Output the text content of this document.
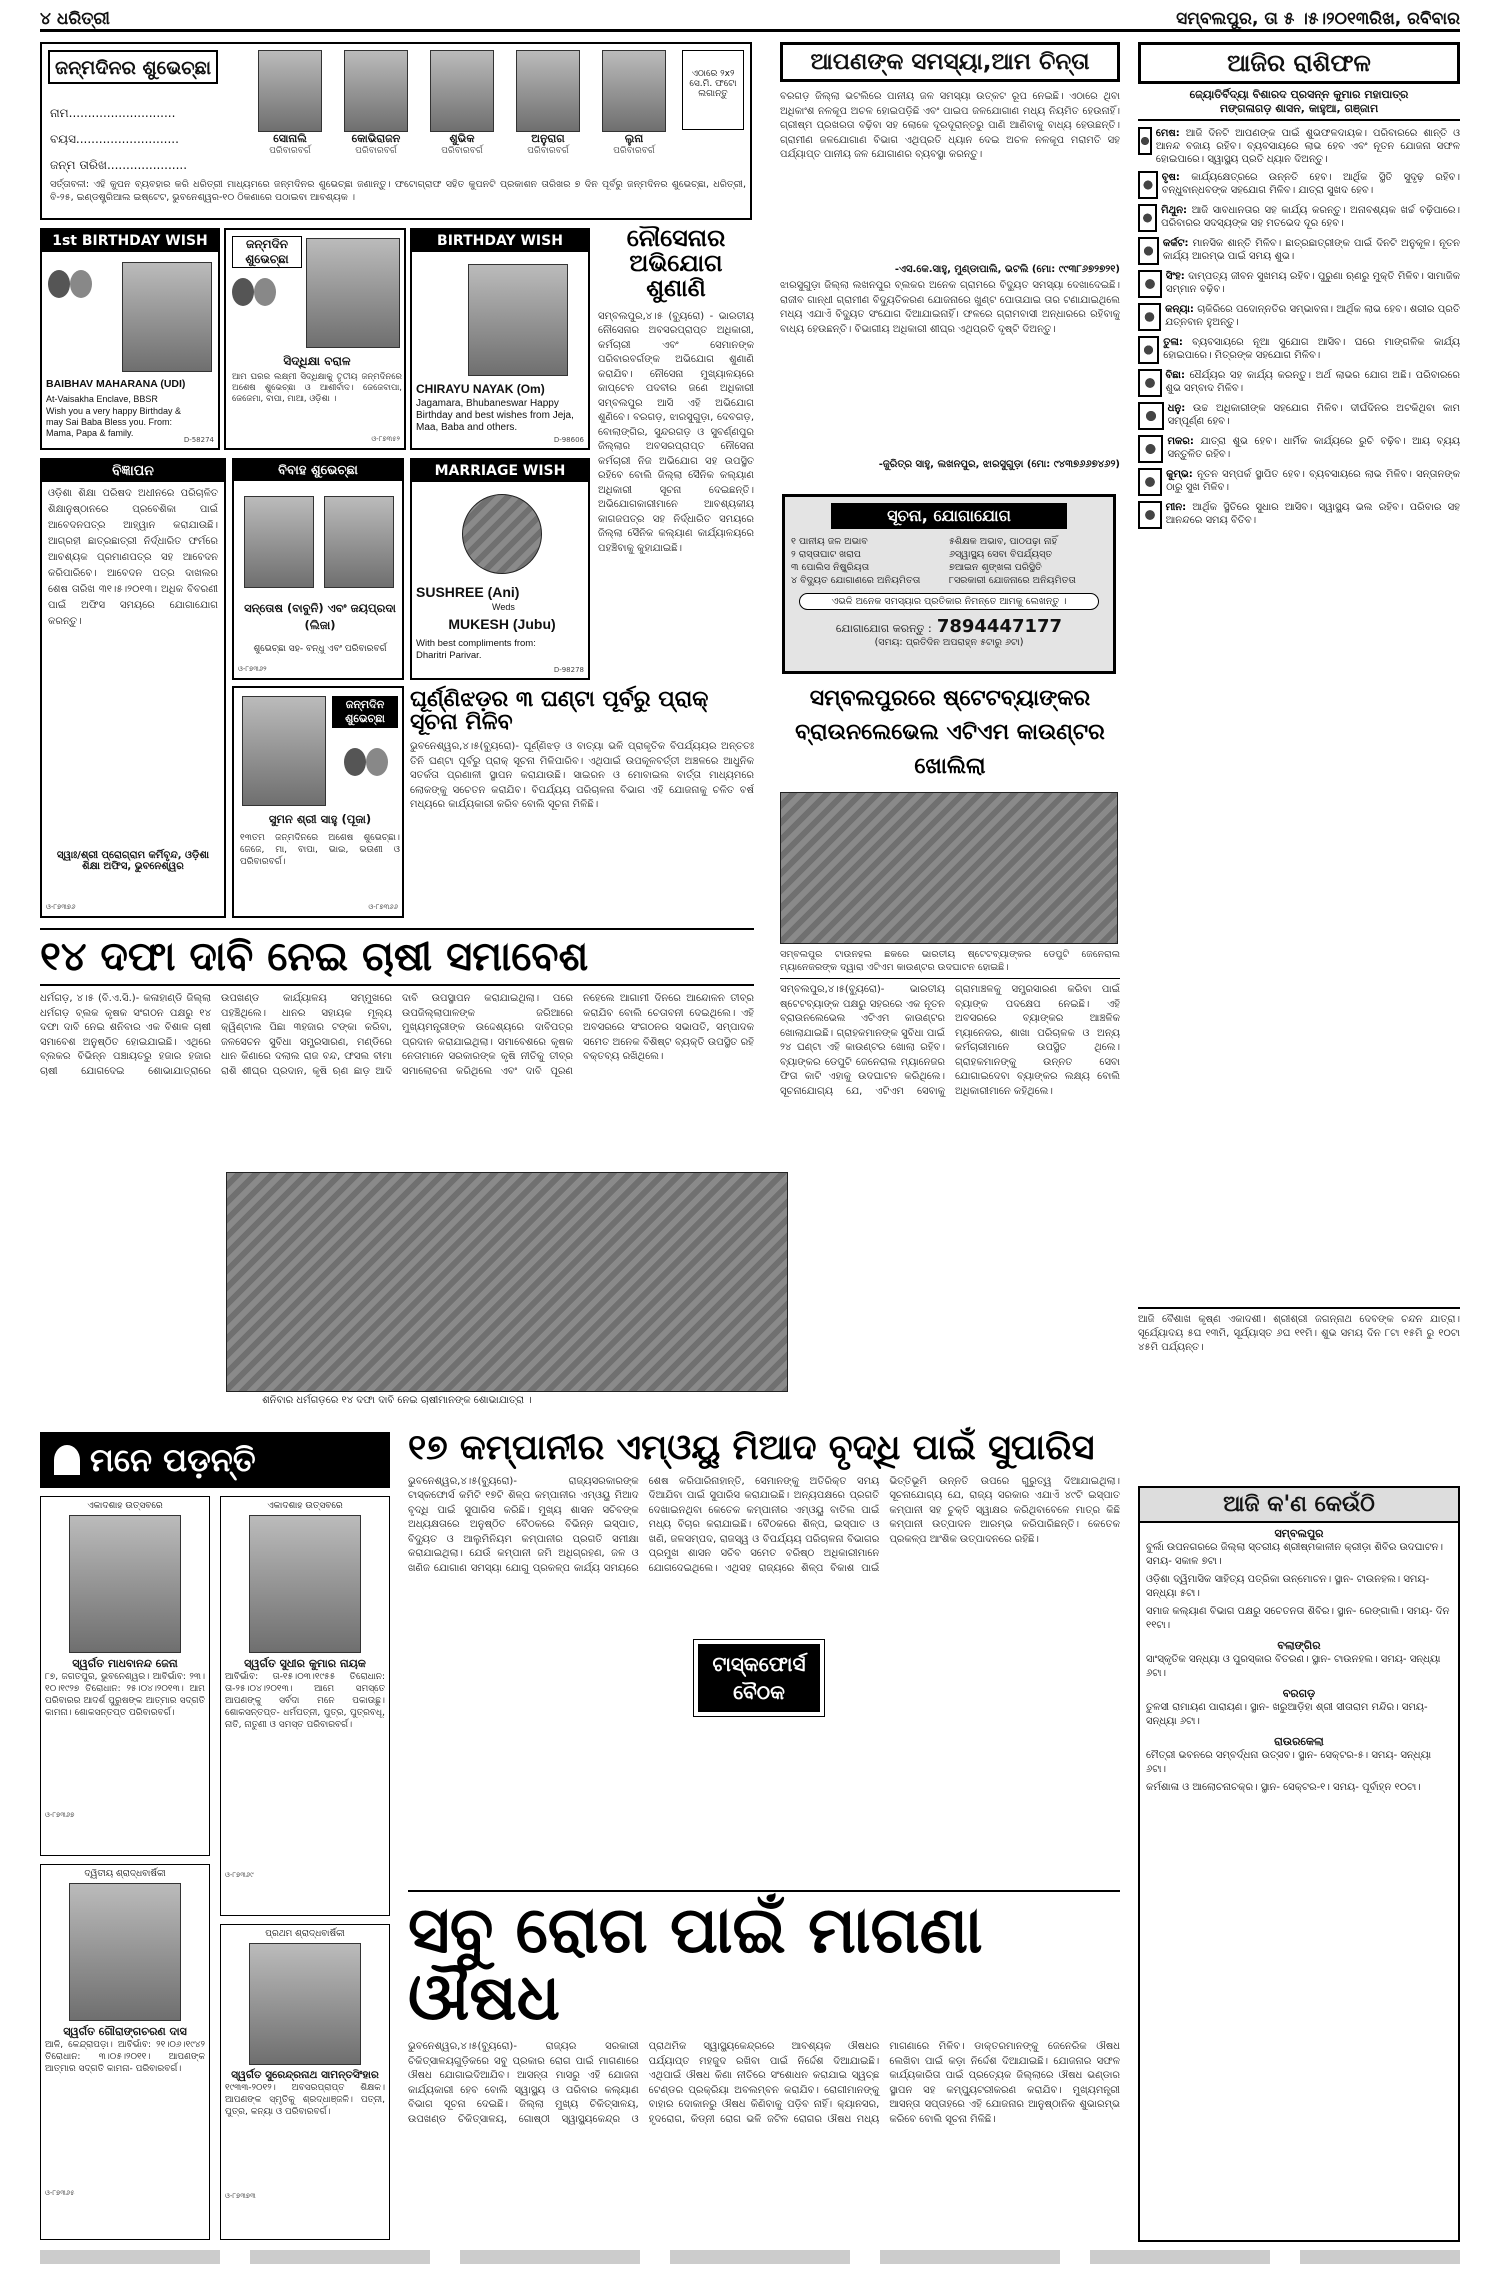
୪ ଧରିତ୍ରୀ	ସମ୍ବଲପୁର, ତା ୫ ।୫।୨୦୧୩ରିଖ, ରବିବାର
ଜନ୍ମଦିନର ଶୁଭେଚ୍ଛା
ନାମ............................
ବୟସ...........................
ଜନ୍ମ ତାରିଖ.....................
ସୋନାଲି
ପରିବାରବର୍ଗ
କୋଭିରାଜନ
ପରିବାରବର୍ଗ
ଶୁଭିକ
ପରିବାରବର୍ଗ
ଅନୁରାଗ
ପରିବାରବର୍ଗ
ଲୁନା
ପରିବାରବର୍ଗ
ଏଠାରେ ୨x୨ ସେ.ମି. ଫଟୋ ଲଗାନ୍ତୁ
ସର୍ତ୍ତାବଳୀ: ଏହି କୁପନ ବ୍ୟବହାର କରି ଧରିତ୍ରୀ ମାଧ୍ୟମରେ ଜନ୍ମଦିନର ଶୁଭେଚ୍ଛା ଜଣାନ୍ତୁ। ଫଟୋଗ୍ରାଫ ସହିତ କୁପନଟି ପ୍ରକାଶନ ତାରିଖର ୭ ଦିନ ପୂର୍ବରୁ ଜନ୍ମଦିନର ଶୁଭେଚ୍ଛା, ଧରିତ୍ରୀ, ବି-୨୫, ଇଣ୍ଡଷ୍ଟ୍ରିଆଲ ଇଷ୍ଟେଟ, ଭୁବନେଶ୍ୱର-୧୦ ଠିକଣାରେ ପଠାଇବା ଆବଶ୍ୟକ ।
1st BIRTHDAY WISH
BAIBHAV MAHARANA (UDI)
At-Vaisakha Enclave, BBSR
Wish you a very happy Birthday & may Sai Baba Bless you. From: Mama, Papa & family.
D-58274
ଜନ୍ମଦିନ ଶୁଭେଚ୍ଛା
ସିଦ୍ଧିକ୍ଷା ବରାଳ
ଆମ ଘରର ଲକ୍ଷ୍ମୀ ସିଦ୍ଧିକ୍ଷାକୁ ତୃତୀୟ ଜନ୍ମଦିନରେ ଅଶେଷ ଶୁଭେଚ୍ଛା ଓ ଆଶୀର୍ବାଦ। ଜେଜେବାପା, ଜେଜେମା, ବାପା, ମାଆ, ଓଡ଼ିଶା ।
ଓ-୮୭୩୫୨
BIRTHDAY WISH
CHIRAYU NAYAK (Om)
Jagamara, Bhubaneswar Happy Birthday and best wishes from Jeja, Maa, Baba and others.
D-98606
ନୌସେନାର ଅଭିଯୋଗ ଶୁଣାଣି
ସମ୍ବଲପୁର,୪।୫ (ବ୍ୟୁରୋ) - ଭାରତୀୟ ନୌସେନାର ଅବସରପ୍ରାପ୍ତ ଅଧିକାରୀ, କର୍ମଚାରୀ ଏବଂ ସେମାନଙ୍କ ପରିବାରବର୍ଗଙ୍କ ଅଭିଯୋଗ ଶୁଣାଣି କରାଯିବ। ନୌସେନା ମୁଖ୍ୟାଳୟରେ କାପ୍ଟେନ ପଦବୀର ଜଣେ ଅଧିକାରୀ ସମ୍ବଲପୁର ଆସି ଏହି ଅଭିଯୋଗ ଶୁଣିବେ। ବରଗଡ଼, ଝାରସୁଗୁଡ଼ା, ଦେବଗଡ଼, ବୋଲାଙ୍ଗିର, ସୁନ୍ଦରଗଡ଼ ଓ ସୁବର୍ଣ୍ଣପୁର ଜିଲ୍ଲାର ଅବସରପ୍ରାପ୍ତ ନୌସେନା କର୍ମଚାରୀ ନିଜ ଅଭିଯୋଗ ସହ ଉପସ୍ଥିତ ରହିବେ ବୋଲି ଜିଲ୍ଲା ସୈନିକ କଲ୍ୟାଣ ଅଧିକାରୀ ସୂଚନା ଦେଇଛନ୍ତି। ଅଭିଯୋଗକାରୀମାନେ ଆବଶ୍ୟକୀୟ କାଗଜପତ୍ର ସହ ନିର୍ଦ୍ଧାରିତ ସମୟରେ ଜିଲ୍ଲା ସୈନିକ କଲ୍ୟାଣ କାର୍ଯ୍ୟାଳୟରେ ପହଞ୍ଚିବାକୁ କୁହାଯାଇଛି।
ବିଜ୍ଞାପନ
ଓଡ଼ିଶା ଶିକ୍ଷା ପରିଷଦ ଅଧୀନରେ ପରିଚାଳିତ ଶିକ୍ଷାନୁଷ୍ଠାନରେ ପ୍ରବେଶିକା ପାଇଁ ଆବେଦନପତ୍ର ଆହ୍ୱାନ କରାଯାଉଛି। ଆଗ୍ରହୀ ଛାତ୍ରଛାତ୍ରୀ ନିର୍ଦ୍ଧାରିତ ଫର୍ମରେ ଆବଶ୍ୟକ ପ୍ରମାଣପତ୍ର ସହ ଆବେଦନ କରିପାରିବେ। ଆବେଦନ ପତ୍ର ଦାଖଲର ଶେଷ ତାରିଖ ୩୧।୫।୨୦୧୩। ଅଧିକ ବିବରଣୀ ପାଇଁ ଅଫିସ ସମୟରେ ଯୋଗାଯୋଗ କରନ୍ତୁ।
ସ୍ୱାଃ/ଶ୍ରୀ ପ୍ରୋଗ୍ରାମ କର୍ମିବୃନ୍ଦ, ଓଡ଼ିଶା ଶିକ୍ଷା ଅଫିସ, ଭୁବନେଶ୍ୱର
ଓ-୮୭୩୭୬
ବିବାହ ଶୁଭେଚ୍ଛା
ସନ୍ତୋଷ (ବାବୁନି) ଏବଂ ଜୟପ୍ରଦା (ଲିଜା)
ଶୁଭେଚ୍ଛା ସହ- ବନ୍ଧୁ ଏବଂ ପରିବାରବର୍ଗ
ଓ-୮୭୩୬୨
MARRIAGE WISH
SUSHREE (Ani)
Weds
MUKESH (Jubu)
With best compliments from: Dharitri Parivar.
D-98278
ଜନ୍ମଦିନ ଶୁଭେଚ୍ଛା
ସୁମନ ଶ୍ରୀ ସାହୁ (ପୂଜା)
୧୩ତମ ଜନ୍ମଦିନରେ ଅଶେଷ ଶୁଭେଚ୍ଛା। ଜେଜେ, ମା, ବାପା, ଭାଇ, ଭଉଣୀ ଓ ପରିବାରବର୍ଗ।
ଓ-୮୭୩୬୬
ଘୂର୍ଣ୍ଣିଝଡ଼ର ୩ ଘଣ୍ଟା ପୂର୍ବରୁ ପ୍ରାକ୍ ସୂଚନା ମିଳିବ
ଭୁବନେଶ୍ୱର,୪।୫(ବ୍ୟୁରୋ)- ଘୂର୍ଣ୍ଣିଝଡ଼ ଓ ବାତ୍ୟା ଭଳି ପ୍ରାକୃତିକ ବିପର୍ଯ୍ୟୟର ଅନ୍ତତଃ ତିନି ଘଣ୍ଟା ପୂର୍ବରୁ ପ୍ରାକ୍ ସୂଚନା ମିଳିପାରିବ। ଏଥିପାଇଁ ଉପକୂଳବର୍ତ୍ତୀ ଅଞ୍ଚଳରେ ଆଧୁନିକ ସତର୍କତା ପ୍ରଣାଳୀ ସ୍ଥାପନ କରାଯାଉଛି। ସାଇରନ ଓ ମୋବାଇଲ ବାର୍ତ୍ତା ମାଧ୍ୟମରେ ଲୋକଙ୍କୁ ସଚେତନ କରାଯିବ। ବିପର୍ଯ୍ୟୟ ପରିଚାଳନା ବିଭାଗ ଏହି ଯୋଜନାକୁ ଚଳିତ ବର୍ଷ ମଧ୍ୟରେ କାର୍ଯ୍ୟକାରୀ କରିବ ବୋଲି ସୂଚନା ମିଳିଛି।
ଆପଣଙ୍କ ସମସ୍ୟା,ଆମ ଚିନ୍ତା
ବରଗଡ଼ ଜିଲ୍ଲା ଭଟଲିରେ ପାନୀୟ ଜଳ ସମସ୍ୟା ଉତ୍କଟ ରୂପ ନେଇଛି। ଏଠାରେ ଥିବା ଅଧିକାଂଶ ନଳକୂପ ଅଚଳ ହୋଇପଡ଼ିଛି ଏବଂ ପାଇପ ଜଳଯୋଗାଣ ମଧ୍ୟ ନିୟମିତ ହେଉନାହିଁ। ଗ୍ରୀଷ୍ମ ପ୍ରଖରତା ବଢ଼ିବା ସହ ଲୋକେ ଦୂରଦୂରାନ୍ତରୁ ପାଣି ଆଣିବାକୁ ବାଧ୍ୟ ହେଉଛନ୍ତି। ଗ୍ରାମୀଣ ଜଳଯୋଗାଣ ବିଭାଗ ଏଥିପ୍ରତି ଧ୍ୟାନ ଦେଇ ଅଚଳ ନଳକୂପ ମରାମତି ସହ ପର୍ଯ୍ୟାପ୍ତ ପାନୀୟ ଜଳ ଯୋଗାଣର ବ୍ୟବସ୍ଥା କରନ୍ତୁ।
-ଏସ.କେ.ସାହୁ, ମୁଣ୍ଡାପାଲି, ଭଟଲି (ମୋ: ୯୯୩୮୬୭୨୭୨୧)
ଝାରସୁଗୁଡ଼ା ଜିଲ୍ଲା ଲଖନପୁର ବ୍ଲକର ଅନେକ ଗ୍ରାମରେ ବିଦ୍ୟୁତ ସମସ୍ୟା ଦେଖାଦେଇଛି। ରାଜୀବ ଗାନ୍ଧୀ ଗ୍ରାମୀଣ ବିଦ୍ୟୁତିକରଣ ଯୋଜନାରେ ଖୁଣ୍ଟ ପୋତାଯାଇ ତାର ଟଣାଯାଇଥିଲେ ମଧ୍ୟ ଏଯାଏଁ ବିଦ୍ୟୁତ ସଂଯୋଗ ଦିଆଯାଇନାହିଁ। ଫଳରେ ଗ୍ରାମବାସୀ ଅନ୍ଧାରରେ ରହିବାକୁ ବାଧ୍ୟ ହେଉଛନ୍ତି। ବିଭାଗୀୟ ଅଧିକାରୀ ଶୀଘ୍ର ଏଥିପ୍ରତି ଦୃଷ୍ଟି ଦିଅନ୍ତୁ।
-ଜୁରିତ୍ର ସାହୁ, ଲଖନପୁର, ଝାରସୁଗୁଡ଼ା (ମୋ: ୯୪୩୭୬୬୭୪୬୨)
ସୂଚନା, ଯୋଗାଯୋଗ
୧ ପାନୀୟ ଜଳ ଅଭାବ	୫ଶିକ୍ଷକ ଅଭାବ, ପାଠପଢ଼ା ନାହିଁ
୨ ରାସ୍ତାଘାଟ ଖରାପ	୬ସ୍ୱାସ୍ଥ୍ୟ ସେବା ବିପର୍ଯ୍ୟସ୍ତ
୩ ପୋଲିସ ନିଷ୍କ୍ରିୟତା	୭ଆଇନ ଶୃଙ୍ଖଳା ପରିସ୍ଥିତି
୪ ବିଦ୍ୟୁତ ଯୋଗାଣରେ ଅନିୟମିତତା	୮ସରକାରୀ ଯୋଜନାରେ ଅନିୟମିତତା
ଏଭଳି ଅନେକ ସମସ୍ୟାର ପ୍ରତିକାର ନିମନ୍ତେ ଆମକୁ ଲେଖନ୍ତୁ ।
ଯୋଗାଯୋଗ କରନ୍ତୁ : 7894447177
(ସମୟ: ପ୍ରତିଦିନ ଅପରାହ୍ନ ୫ଟାରୁ ୬ଟା)
ସମ୍ବଲପୁରରେ ଷ୍ଟେଟବ୍ୟାଙ୍କର ବ୍ରାଉନଲେଭେଲ ଏଟିଏମ କାଉଣ୍ଟର ଖୋଲିଲା
ସମ୍ବଲପୁର ଟାଉନହଲ ଛକରେ ଭାରତୀୟ ଷ୍ଟେଟବ୍ୟାଙ୍କର ଡେପୁଟି ଜେନେରାଲ ମ୍ୟାନେଜରଙ୍କ ଦ୍ୱାରା ଏଟିଏମ କାଉଣ୍ଟର ଉଦଘାଟନ ହୋଇଛି।
ସମ୍ବଲପୁର,୪।୫(ବ୍ୟୁରୋ)- ଭାରତୀୟ ଷ୍ଟେଟବ୍ୟାଙ୍କ ପକ୍ଷରୁ ସହରରେ ଏକ ନୂତନ ବ୍ରାଉନଲେଭେଲ ଏଟିଏମ କାଉଣ୍ଟର ଖୋଲାଯାଇଛି। ଗ୍ରାହକମାନଙ୍କ ସୁବିଧା ପାଇଁ ୨୪ ଘଣ୍ଟା ଏହି କାଉଣ୍ଟର ଖୋଲା ରହିବ। ବ୍ୟାଙ୍କର ଡେପୁଟି ଜେନେରାଲ ମ୍ୟାନେଜର ଫିତା କାଟି ଏହାକୁ ଉଦଘାଟନ କରିଥିଲେ। ସୂଚନାଯୋଗ୍ୟ ଯେ, ଏଟିଏମ ସେବାକୁ ଗ୍ରାମାଞ୍ଚଳକୁ ସମ୍ପ୍ରସାରଣ କରିବା ପାଇଁ ବ୍ୟାଙ୍କ ପଦକ୍ଷେପ ନେଇଛି। ଏହି ଅବସରରେ ବ୍ୟାଙ୍କର ଆଞ୍ଚଳିକ ମ୍ୟାନେଜର, ଶାଖା ପରିଚାଳକ ଓ ଅନ୍ୟ କର୍ମଚାରୀମାନେ ଉପସ୍ଥିତ ଥିଲେ। ଗ୍ରାହକମାନଙ୍କୁ ଉନ୍ନତ ସେବା ଯୋଗାଇଦେବା ବ୍ୟାଙ୍କର ଲକ୍ଷ୍ୟ ବୋଲି ଅଧିକାରୀମାନେ କହିଥିଲେ।
ଆଜିର ରାଶିଫଳ
ଜ୍ୟୋତିର୍ବିଦ୍ୟା ବିଶାରଦ ପ୍ରସନ୍ନ କୁମାର ମହାପାତ୍ର
ମଙ୍ଗଳାଗଡ଼ ଶାସନ, କାହୁଆ, ଗଞ୍ଜାମ
ମେଷ: ଆଜି ଦିନଟି ଆପଣଙ୍କ ପାଇଁ ଶୁଭଫଳଦାୟକ। ପରିବାରରେ ଶାନ୍ତି ଓ ଆନନ୍ଦ ବଜାୟ ରହିବ। ବ୍ୟବସାୟରେ ଲାଭ ହେବ ଏବଂ ନୂତନ ଯୋଜନା ସଫଳ ହୋଇପାରେ। ସ୍ୱାସ୍ଥ୍ୟ ପ୍ରତି ଧ୍ୟାନ ଦିଅନ୍ତୁ।
ବୃଷ: କାର୍ଯ୍ୟକ୍ଷେତ୍ରରେ ଉନ୍ନତି ହେବ। ଆର୍ଥିକ ସ୍ଥିତି ସୁଦୃଢ଼ ରହିବ। ବନ୍ଧୁବାନ୍ଧବଙ୍କ ସହଯୋଗ ମିଳିବ। ଯାତ୍ରା ସୁଖଦ ହେବ।
ମିଥୁନ: ଆଜି ସାବଧାନତାର ସହ କାର୍ଯ୍ୟ କରନ୍ତୁ। ଅନାବଶ୍ୟକ ଖର୍ଚ୍ଚ ବଢ଼ିପାରେ। ପରିବାରର ସଦସ୍ୟଙ୍କ ସହ ମତଭେଦ ଦୂର ହେବ।
କର୍କଟ: ମାନସିକ ଶାନ୍ତି ମିଳିବ। ଛାତ୍ରଛାତ୍ରୀଙ୍କ ପାଇଁ ଦିନଟି ଅନୁକୂଳ। ନୂତନ କାର୍ଯ୍ୟ ଆରମ୍ଭ ପାଇଁ ସମୟ ଶୁଭ।
ସିଂହ: ଦାମ୍ପତ୍ୟ ଜୀବନ ସୁଖମୟ ରହିବ। ପୁରୁଣା ଋଣରୁ ମୁକ୍ତି ମିଳିବ। ସାମାଜିକ ସମ୍ମାନ ବଢ଼ିବ।
କନ୍ୟା: ଚାକିରିରେ ପଦୋନ୍ନତିର ସମ୍ଭାବନା। ଆର୍ଥିକ ଲାଭ ହେବ। ଶରୀର ପ୍ରତି ଯତ୍ନବାନ ହୁଅନ୍ତୁ।
ତୁଳା: ବ୍ୟବସାୟରେ ନୂଆ ସୁଯୋଗ ଆସିବ। ଘରେ ମାଙ୍ଗଳିକ କାର୍ଯ୍ୟ ହୋଇପାରେ। ମିତ୍ରଙ୍କ ସହଯୋଗ ମିଳିବ।
ବିଛା: ଧୈର୍ଯ୍ୟର ସହ କାର୍ଯ୍ୟ କରନ୍ତୁ। ଅର୍ଥ ଲାଭର ଯୋଗ ଅଛି। ପରିବାରରେ ଶୁଭ ସମ୍ବାଦ ମିଳିବ।
ଧନୁ: ଉଚ୍ଚ ଅଧିକାରୀଙ୍କ ସହଯୋଗ ମିଳିବ। ଦୀର୍ଘଦିନର ଅଟକିଥିବା କାମ ସମ୍ପୂର୍ଣ୍ଣ ହେବ।
ମକର: ଯାତ୍ରା ଶୁଭ ହେବ। ଧାର୍ମିକ କାର୍ଯ୍ୟରେ ରୁଚି ବଢ଼ିବ। ଆୟ ବ୍ୟୟ ସନ୍ତୁଳିତ ରହିବ।
କୁମ୍ଭ: ନୂତନ ସମ୍ପର୍କ ସ୍ଥାପିତ ହେବ। ବ୍ୟବସାୟରେ ଲାଭ ମିଳିବ। ସନ୍ତାନଙ୍କ ଠାରୁ ସୁଖ ମିଳିବ।
ମୀନ: ଆର୍ଥିକ ସ୍ଥିତିରେ ସୁଧାର ଆସିବ। ସ୍ୱାସ୍ଥ୍ୟ ଭଲ ରହିବ। ପରିବାର ସହ ଆନନ୍ଦରେ ସମୟ ବିତିବ।
ଆଜି ବୈଶାଖ କୃଷ୍ଣ ଏକାଦଶୀ। ଶ୍ରୀଶ୍ରୀ ଜଗନ୍ନାଥ ଦେବଙ୍କ ଚନ୍ଦନ ଯାତ୍ରା। ସୂର୍ଯ୍ୟୋଦୟ ୫ଘ ୧୩ମି, ସୂର୍ଯ୍ୟାସ୍ତ ୬ଘ ୧୧ମି। ଶୁଭ ସମୟ ଦିନ ୮ଟା ୧୫ମି ରୁ ୧୦ଟା ୪୫ମି ପର୍ଯ୍ୟନ୍ତ।
ଆଜି କ'ଣ କେଉଁଠି
ସମ୍ବଲପୁର
ବୁର୍ଲା ଉପନଗରରେ ଜିଲ୍ଲା ସ୍ତରୀୟ ଶ୍ରୀଷ୍ମକାଳୀନ କ୍ରୀଡ଼ା ଶିବିର ଉଦଘାଟନ। ସମୟ- ସକାଳ ୭ଟା।
ଓଡ଼ିଶା ଦ୍ୱିମାସିକ ସାହିତ୍ୟ ପତ୍ରିକା ଉନ୍ମୋଚନ। ସ୍ଥାନ- ଟାଉନହଲ। ସମୟ- ସନ୍ଧ୍ୟା ୫ଟା।
ସମାଜ କଲ୍ୟାଣ ବିଭାଗ ପକ୍ଷରୁ ସଚେତନତା ଶିବିର। ସ୍ଥାନ- ରେଙ୍ଗାଲି। ସମୟ- ଦିନ ୧୧ଟା।
ବଲାଙ୍ଗିର
ସାଂସ୍କୃତିକ ସନ୍ଧ୍ୟା ଓ ପୁରସ୍କାର ବିତରଣ। ସ୍ଥାନ- ଟାଉନହଲ। ସମୟ- ସନ୍ଧ୍ୟା ୬ଟା।
ବରଗଡ଼
ତୁଳସୀ ରାମାୟଣ ପାରାୟଣ। ସ୍ଥାନ- ଖରୁଆଡ଼ିହା ଶ୍ରୀ ସୀତାରାମ ମନ୍ଦିର। ସମୟ- ସନ୍ଧ୍ୟା ୬ଟା।
ରାଉରକେଲା
ମୈତ୍ରୀ ଭବନରେ ସମ୍ବର୍ଦ୍ଧନା ଉତ୍ସବ। ସ୍ଥାନ- ସେକ୍ଟର-୫। ସମୟ- ସନ୍ଧ୍ୟା ୬ଟା।
କର୍ମଶାଳା ଓ ଆଲୋଚନାଚକ୍ର। ସ୍ଥାନ- ସେକ୍ଟର-୧। ସମୟ- ପୂର୍ବାହ୍ନ ୧୦ଟା।
୧୪ ଦଫା ଦାବି ନେଇ ଚାଷୀ ସମାବେଶ
ଧର୍ମଗଡ଼, ୪।୫ (ବି.ଏ.ସି.)- କଳାହାଣ୍ଡି ଜିଲ୍ଲା ଧର୍ମଗଡ଼ ବ୍ଲକ କୃଷକ ସଂଗଠନ ପକ୍ଷରୁ ୧୪ ଦଫା ଦାବି ନେଇ ଶନିବାର ଏକ ବିଶାଳ ଚାଷୀ ସମାବେଶ ଅନୁଷ୍ଠିତ ହୋଇଯାଇଛି। ଏଥିରେ ବ୍ଲକର ବିଭିନ୍ନ ପଞ୍ଚାୟତରୁ ହଜାର ହଜାର ଚାଷୀ ଯୋଗଦେଇ ଶୋଭାଯାତ୍ରାରେ ଉପଖଣ୍ଡ କାର୍ଯ୍ୟାଳୟ ସମ୍ମୁଖରେ ପହଞ୍ଚିଥିଲେ। ଧାନର ସହାୟକ ମୂଲ୍ୟ କ୍ୱିଣ୍ଟାଲ ପିଛା ୩ହଜାର ଟଙ୍କା କରିବା, ଜଳସେଚନ ସୁବିଧା ସମ୍ପ୍ରସାରଣ, ମଣ୍ଡିରେ ଧାନ କିଣାରେ ଦଲାଲ ରାଜ ବନ୍ଦ, ଫସଲ ବୀମା ରାଶି ଶୀଘ୍ର ପ୍ରଦାନ, କୃଷି ଋଣ ଛାଡ଼ ଆଦି ଦାବି ଉପସ୍ଥାପନ କରାଯାଇଥିଲା। ପରେ ଉପଜିଲ୍ଲାପାଳଙ୍କ ଜରିଆରେ ମୁଖ୍ୟମନ୍ତ୍ରୀଙ୍କ ଉଦ୍ଦେଶ୍ୟରେ ଦାବିପତ୍ର ପ୍ରଦାନ କରାଯାଇଥିଲା। ସମାବେଶରେ କୃଷକ ନେତାମାନେ ସରକାରଙ୍କ କୃଷି ନୀତିକୁ ତୀବ୍ର ସମାଲୋଚନା କରିଥିଲେ ଏବଂ ଦାବି ପୂରଣ ନହେଲେ ଆଗାମୀ ଦିନରେ ଆନ୍ଦୋଳନ ତୀବ୍ର କରାଯିବ ବୋଲି ଚେତାବନୀ ଦେଇଥିଲେ। ଏହି ଅବସରରେ ସଂଗଠନର ସଭାପତି, ସମ୍ପାଦକ ସମେତ ଅନେକ ବିଶିଷ୍ଟ ବ୍ୟକ୍ତି ଉପସ୍ଥିତ ରହି ବକ୍ତବ୍ୟ ରଖିଥିଲେ।
ଶନିବାର ଧର୍ମଗଡ଼ରେ ୧୪ ଦଫା ଦାବି ନେଇ ଚାଷୀମାନଙ୍କ ଶୋଭାଯାତ୍ରା ।
ମନେ ପଡ଼ନ୍ତି
ଏକାଦଶାହ ଉତ୍ସବରେ
ସ୍ୱର୍ଗତ ମାଧବାନନ୍ଦ ଜେନା
୮୭, ଜଗତପୁର, ଭୁବନେଶ୍ୱର। ଆବିର୍ଭାବ: ୨୩।୧୦।୧୯୨୭ ତିରୋଧାନ: ୨୫।୦୪।୨୦୧୩। ଆମ ପରିବାରର ଆଦର୍ଶ ପୁରୁଷଙ୍କ ଆତ୍ମାର ସଦ୍‌ଗତି କାମନା। ଶୋକସନ୍ତପ୍ତ ପରିବାରବର୍ଗ।
ଓ-୮୭୩୬୭
ଏକାଦଶାହ ଉତ୍ସବରେ
ସ୍ୱର୍ଗତ ସୁଧୀର କୁମାର ନାୟକ
ଆବିର୍ଭାବ: ତା-୧୫।୦୩।୧୯୫୫ ତିରୋଧାନ: ତା-୨୫।୦୪।୨୦୧୩। ଆମେ ସମସ୍ତେ ଆପଣଙ୍କୁ ସର୍ବଦା ମନେ ପକାଉଛୁ। ଶୋକସନ୍ତପ୍ତ- ଧର୍ମପତ୍ନୀ, ପୁତ୍ର, ପୁତ୍ରବଧୂ, ନାତି, ନାତୁଣୀ ଓ ସମସ୍ତ ପରିବାରବର୍ଗ।
ଓ-୮୭୩୬୯
ଦ୍ୱିତୀୟ ଶ୍ରାଦ୍ଧବାର୍ଷିକୀ
ସ୍ୱର୍ଗତ ଗୌରାଙ୍ଗଚରଣ ଦାସ
ଆଳି, କେନ୍ଦ୍ରାପଡ଼ା। ଆବିର୍ଭାବ: ୨୧।୦୬।୧୯୪୨ ତିରୋଧାନ: ୩।୦୫।୨୦୧୧। ଆପଣଙ୍କ ଆତ୍ମାର ସଦ୍‌ଗତି କାମନା- ପରିବାରବର୍ଗ।
ଓ-୮୭୩୬୫
ପ୍ରଥମ ଶ୍ରାଦ୍ଧବାର୍ଷିକୀ
ସ୍ୱର୍ଗତ ସୁରେନ୍ଦ୍ରନାଥ ସାମନ୍ତସିଂହାର
୧୯୩୩-୨୦୧୨। ଅବସରପ୍ରାପ୍ତ ଶିକ୍ଷକ। ଆପଣଙ୍କ ସ୍ମୃତିକୁ ଶ୍ରଦ୍ଧାଞ୍ଜଳି। ପତ୍ନୀ, ପୁତ୍ର, କନ୍ୟା ଓ ପରିବାରବର୍ଗ।
ଓ-୮୭୩୭୩
୧୭ କମ୍ପାନୀର ଏମ୍‌ଓୟୁ ମିଆଦ ବୃଦ୍ଧି ପାଇଁ ସୁପାରିସ
ଭୁବନେଶ୍ୱର,୪।୫(ବ୍ୟୁରୋ)- ରାଜ୍ୟସରକାରଙ୍କ ଟାସ୍କଫୋର୍ସ କମିଟି ୧୭ଟି ଶିଳ୍ପ କମ୍ପାନୀର ଏମ୍‌ଓୟୁ ମିଆଦ ବୃଦ୍ଧି ପାଇଁ ସୁପାରିସ କରିଛି। ମୁଖ୍ୟ ଶାସନ ସଚିବଙ୍କ ଅଧ୍ୟକ୍ଷତାରେ ଅନୁଷ୍ଠିତ ବୈଠକରେ ବିଭିନ୍ନ ଇସ୍ପାତ, ବିଦ୍ୟୁତ ଓ ଆଲୁମିନିୟମ କମ୍ପାନୀର ପ୍ରଗତି ସମୀକ୍ଷା କରାଯାଇଥିଲା। ଯେଉଁ କମ୍ପାନୀ ଜମି ଅଧିଗ୍ରହଣ, ଜଳ ଓ ଖଣିଜ ଯୋଗାଣ ସମସ୍ୟା ଯୋଗୁ ପ୍ରକଳ୍ପ କାର୍ଯ୍ୟ ସମୟରେ ଶେଷ କରିପାରିନାହାନ୍ତି, ସେମାନଙ୍କୁ ଅତିରିକ୍ତ ସମୟ ଦିଆଯିବା ପାଇଁ ସୁପାରିସ କରାଯାଇଛି। ଅନ୍ୟପକ୍ଷରେ ପ୍ରଗତି ଦେଖାଇନଥିବା କେତେକ କମ୍ପାନୀର ଏମ୍‌ଓୟୁ ବାତିଲ ପାଇଁ ମଧ୍ୟ ବିଚାର କରାଯାଇଛି। ବୈଠକରେ ଶିଳ୍ପ, ଇସ୍ପାତ ଓ ଖଣି, ଜଳସମ୍ପଦ, ରାଜସ୍ୱ ଓ ବିପର୍ଯ୍ୟୟ ପରିଚାଳନା ବିଭାଗର ପ୍ରମୁଖ ଶାସନ ସଚିବ ସମେତ ବରିଷ୍ଠ ଅଧିକାରୀମାନେ ଯୋଗଦେଇଥିଲେ। ଏଥିସହ ରାଜ୍ୟରେ ଶିଳ୍ପ ବିକାଶ ପାଇଁ ଭିତ୍ତିଭୂମି ଉନ୍ନତି ଉପରେ ଗୁରୁତ୍ୱ ଦିଆଯାଇଥିଲା। ସୂଚନାଯୋଗ୍ୟ ଯେ, ରାଜ୍ୟ ସରକାର ଏଯାଏଁ ୪୯ଟି ଇସ୍ପାତ କମ୍ପାନୀ ସହ ଚୁକ୍ତି ସ୍ୱାକ୍ଷର କରିଥିବାବେଳେ ମାତ୍ର କିଛି କମ୍ପାନୀ ଉତ୍ପାଦନ ଆରମ୍ଭ କରିପାରିଛନ୍ତି। କେତେକ ପ୍ରକଳ୍ପ ଆଂଶିକ ଉତ୍ପାଦନରେ ରହିଛି।
ଟାସ୍କଫୋର୍ସ ବୈଠକ
ସବୁ ରୋଗ ପାଇଁ ମାଗଣା ଔଷଧ
ଭୁବନେଶ୍ୱର,୪।୫(ବ୍ୟୁରୋ)- ରାଜ୍ୟର ସରକାରୀ ଚିକିତ୍ସାଳୟଗୁଡ଼ିକରେ ସବୁ ପ୍ରକାର ରୋଗ ପାଇଁ ମାଗଣାରେ ଔଷଧ ଯୋଗାଇଦିଆଯିବ। ଆସନ୍ତା ମାସରୁ ଏହି ଯୋଜନା କାର୍ଯ୍ୟକାରୀ ହେବ ବୋଲି ସ୍ୱାସ୍ଥ୍ୟ ଓ ପରିବାର କଲ୍ୟାଣ ବିଭାଗ ସୂଚନା ଦେଇଛି। ଜିଲ୍ଲା ମୁଖ୍ୟ ଚିକିତ୍ସାଳୟ, ଉପଖଣ୍ଡ ଚିକିତ୍ସାଳୟ, ଗୋଷ୍ଠୀ ସ୍ୱାସ୍ଥ୍ୟକେନ୍ଦ୍ର ଓ ପ୍ରାଥମିକ ସ୍ୱାସ୍ଥ୍ୟକେନ୍ଦ୍ରରେ ଆବଶ୍ୟକ ଔଷଧର ପର୍ଯ୍ୟାପ୍ତ ମହଜୁଦ ରଖିବା ପାଇଁ ନିର୍ଦ୍ଦେଶ ଦିଆଯାଇଛି। ଏଥିପାଇଁ ଔଷଧ କିଣା ନୀତିରେ ସଂଶୋଧନ କରାଯାଇ ସ୍ୱଚ୍ଛ ଟେଣ୍ଡର ପ୍ରକ୍ରିୟା ଅବଲମ୍ବନ କରାଯିବ। ରୋଗୀମାନଙ୍କୁ ବାହାର ଦୋକାନରୁ ଔଷଧ କିଣିବାକୁ ପଡ଼ିବ ନାହିଁ। କ୍ୟାନସର, ହୃଦରୋଗ, କିଡ୍‌ନୀ ରୋଗ ଭଳି ଜଟିଳ ରୋଗର ଔଷଧ ମଧ୍ୟ ମାଗଣାରେ ମିଳିବ। ଡାକ୍ତରମାନଙ୍କୁ ଜେନେରିକ ଔଷଧ ଲେଖିବା ପାଇଁ କଡ଼ା ନିର୍ଦ୍ଦେଶ ଦିଆଯାଇଛି। ଯୋଜନାର ସଫଳ କାର୍ଯ୍ୟକାରିତା ପାଇଁ ପ୍ରତ୍ୟେକ ଜିଲ୍ଲାରେ ଔଷଧ ଭଣ୍ଡାର ସ୍ଥାପନ ସହ କମ୍ପ୍ୟୁଟରୀକରଣ କରାଯିବ। ମୁଖ୍ୟମନ୍ତ୍ରୀ ଆସନ୍ତା ସପ୍ତାହରେ ଏହି ଯୋଜନାର ଆନୁଷ୍ଠାନିକ ଶୁଭାରମ୍ଭ କରିବେ ବୋଲି ସୂଚନା ମିଳିଛି।
